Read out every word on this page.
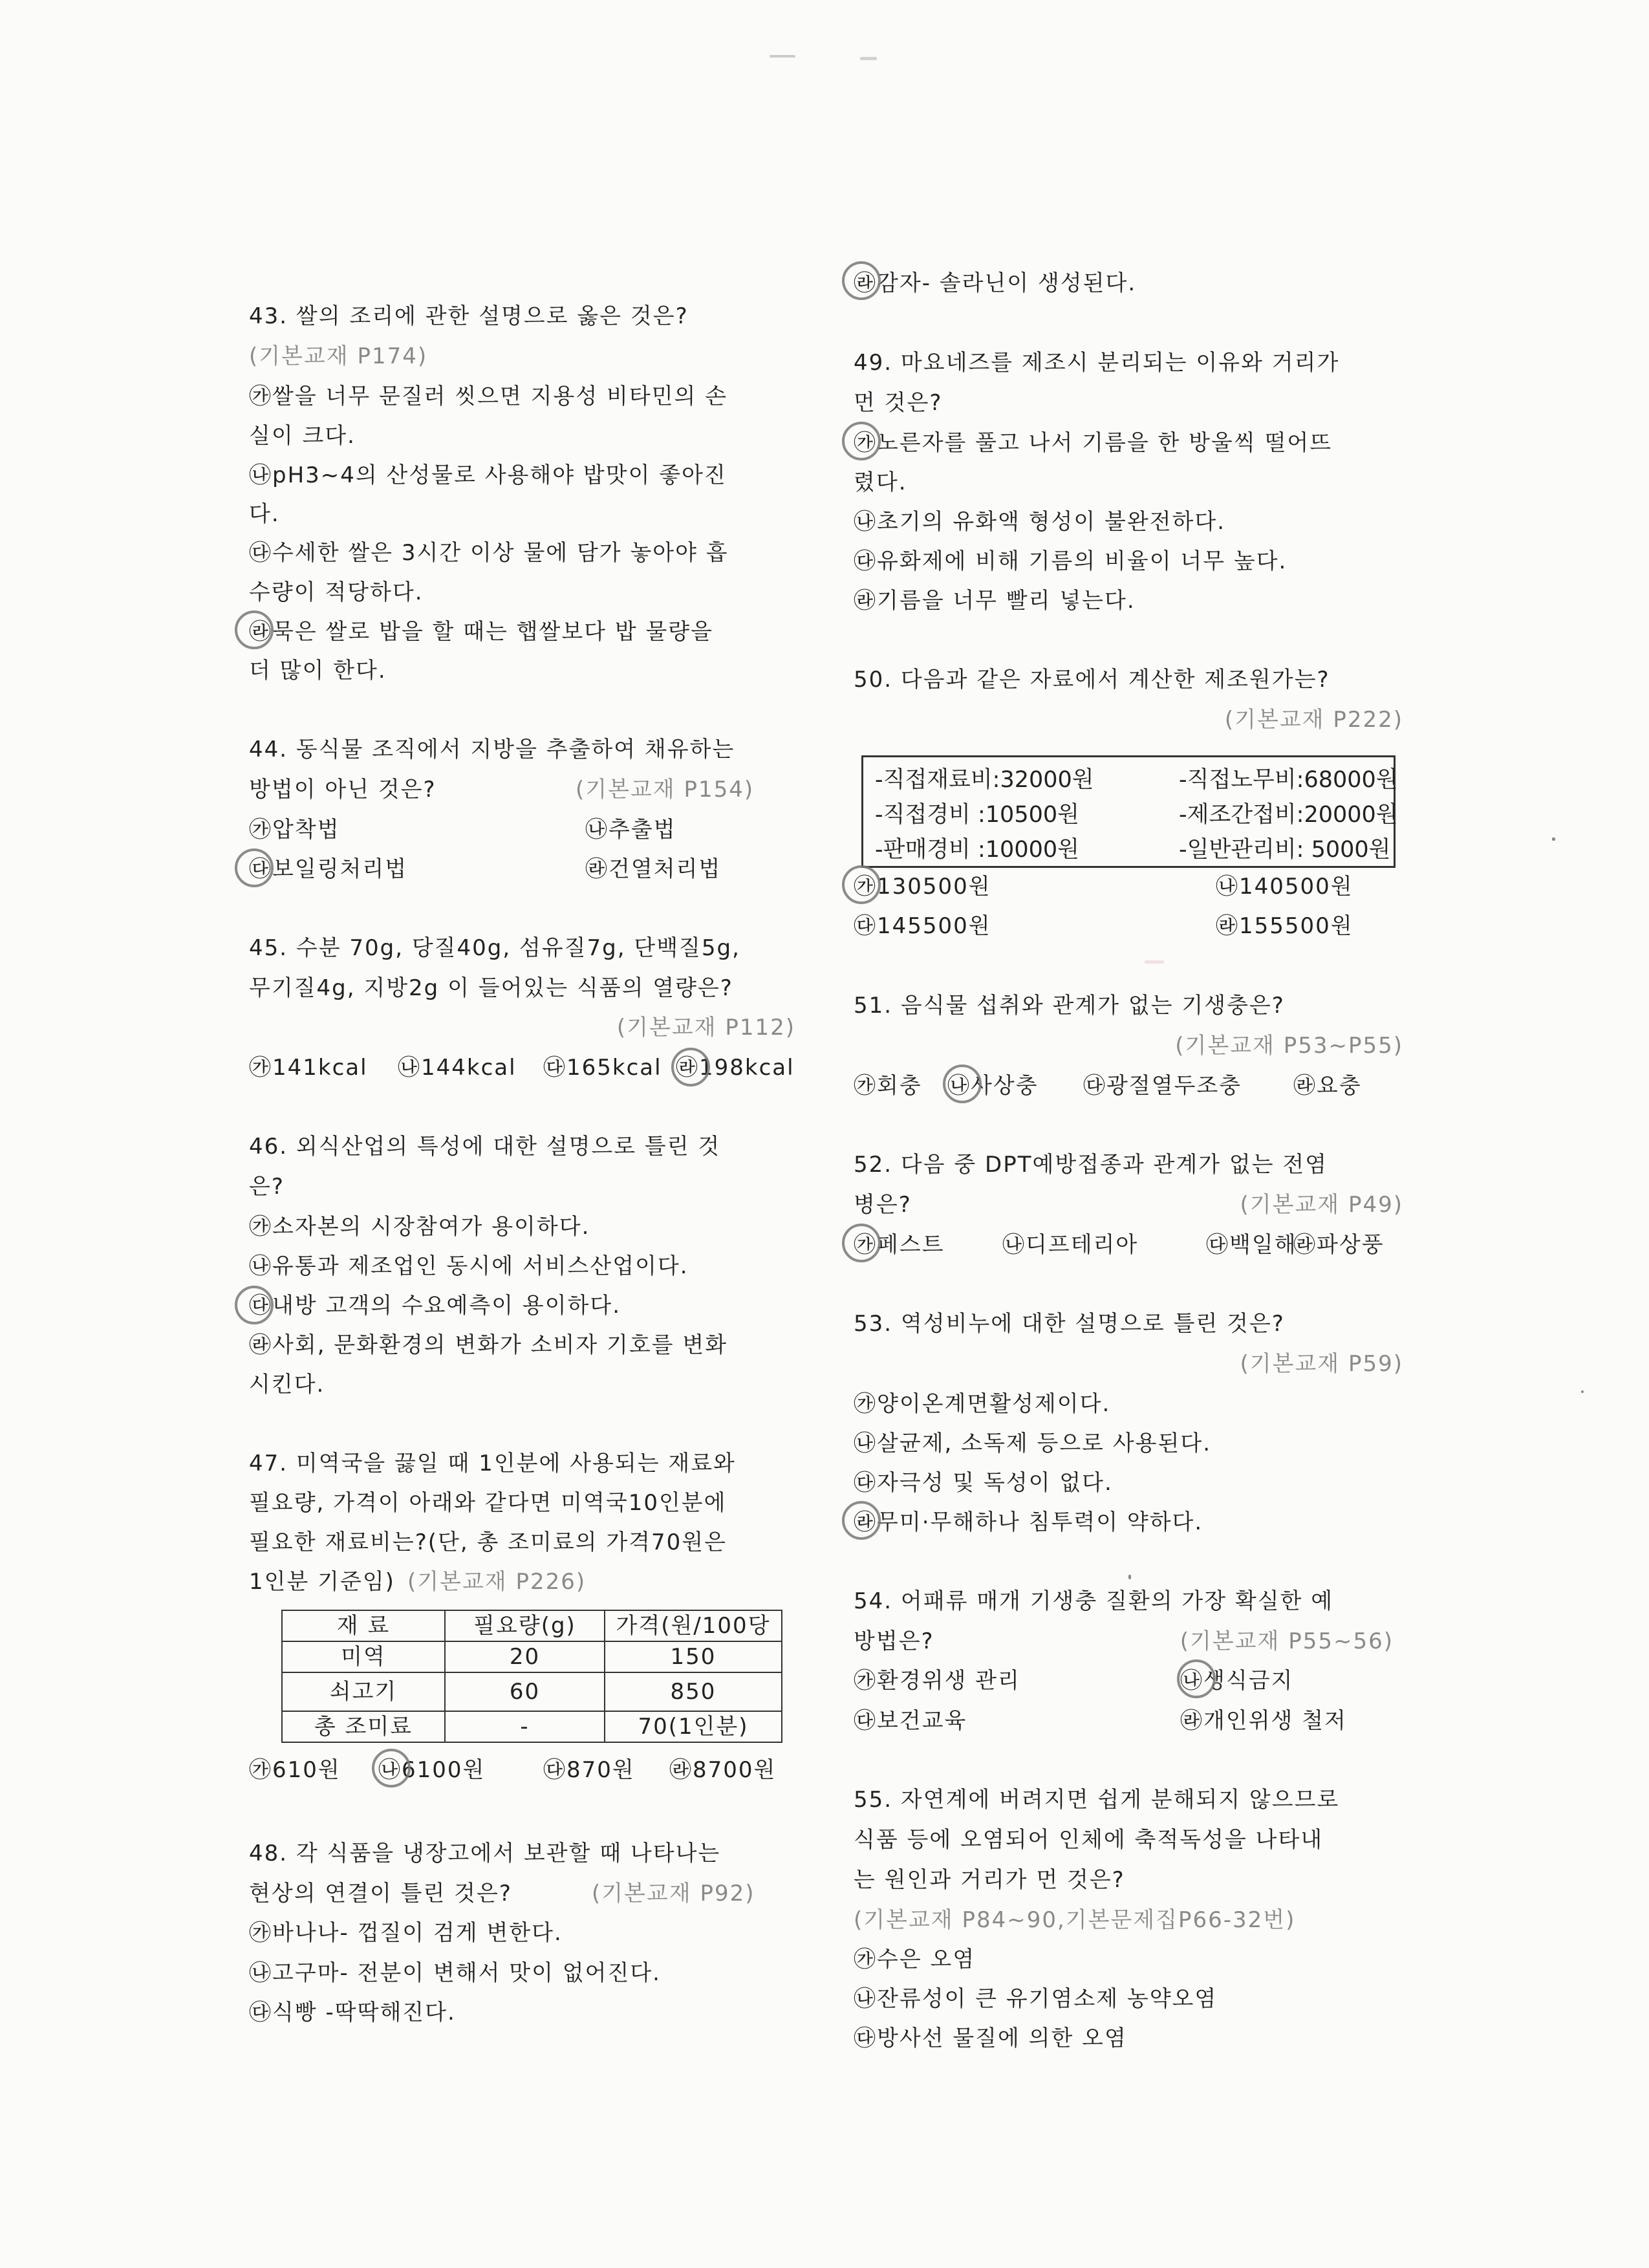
43. 쌀의 조리에 관한 설명으로 옳은 것은?
(기본교재 P174)
㉮쌀을 너무 문질러 씻으면 지용성 비타민의 손
실이 크다.
㉯pH3~4의 산성물로 사용해야 밥맛이 좋아진
다.
㉰수세한 쌀은 3시간 이상 물에 담가 놓아야 흡
수량이 적당하다.
㉱묵은 쌀로 밥을 할 때는 햅쌀보다 밥 물량을
더 많이 한다.
44. 동식물 조직에서 지방을 추출하여 채유하는
방법이 아닌 것은?	(기본교재 P154)
㉮압착법	㉯추출법
㉰보일링처리법	㉱건열처리법
45. 수분 70g, 당질40g, 섬유질7g, 단백질5g,
무기질4g, 지방2g 이 들어있는 식품의 열량은?
(기본교재 P112)
㉮141kcal	㉯144kcal	㉰165kcal ㉱198kcal
46. 외식산업의 특성에 대한 설명으로 틀린 것
은?
㉮소자본의 시장참여가 용이하다.
㉯유통과 제조업인 동시에 서비스산업이다.
㉰내방 고객의 수요예측이 용이하다.
㉱사회, 문화환경의 변화가 소비자 기호를 변화
시킨다.
47. 미역국을 끓일 때 1인분에 사용되는 재료와
필요량, 가격이 아래와 같다면 미역국10인분에
필요한 재료비는?(단, 총 조미료의 가격70원은
1인분 기준임) (기본교재 P226)
재 료	필요량(g)	가격(원/100당
미역	20	150
쇠고기	60	850
총 조미료	-	70(1인분)
㉮610원	㉯6100원	㉰870원	㉱8700원
48. 각 식품을 냉장고에서 보관할 때 나타나는
현상의 연결이 틀린 것은?	(기본교재 P92)
㉮바나나- 껍질이 검게 변한다.
㉯고구마- 전분이 변해서 맛이 없어진다.
㉰식빵 -딱딱해진다.
㉱감자- 솔라닌이 생성된다.
49. 마요네즈를 제조시 분리되는 이유와 거리가
먼 것은?
㉮노른자를 풀고 나서 기름을 한 방울씩 떨어뜨
렸다.
㉯초기의 유화액 형성이 불완전하다.
㉰유화제에 비해 기름의 비율이 너무 높다.
㉱기름을 너무 빨리 넣는다.
50. 다음과 같은 자료에서 계산한 제조원가는?
(기본교재 P222)
-직접재료비:32000원	-직접노무비:68000원
-직접경비 :10500원	-제조간접비:20000원
-판매경비 :10000원	-일반관리비: 5000원
㉮130500원	㉯140500원
㉰145500원	㉱155500원
51. 음식물 섭취와 관계가 없는 기생충은?
(기본교재 P53~P55)
㉮회충	㉯사상충	㉰광절열두조충	㉱요충
52. 다음 중 DPT예방접종과 관계가 없는 전염
병은?	(기본교재 P49)
㉮페스트	㉯디프테리아	㉰백일해
㉱파상풍
53. 역성비누에 대한 설명으로 틀린 것은?
(기본교재 P59)
㉮양이온계면활성제이다.
㉯살균제, 소독제 등으로 사용된다.
㉰자극성 및 독성이 없다.
㉱무미·무해하나 침투력이 약하다.
54. 어패류 매개 기생충 질환의 가장 확실한 예
방법은?	(기본교재 P55~56)
㉮환경위생 관리	㉯생식금지
㉰보건교육	㉱개인위생 철저
55. 자연계에 버려지면 쉽게 분해되지 않으므로
식품 등에 오염되어 인체에 축적독성을 나타내
는 원인과 거리가 먼 것은?
(기본교재 P84~90,기본문제집P66-32번)
㉮수은 오염
㉯잔류성이 큰 유기염소제 농약오염
㉰방사선 물질에 의한 오염
